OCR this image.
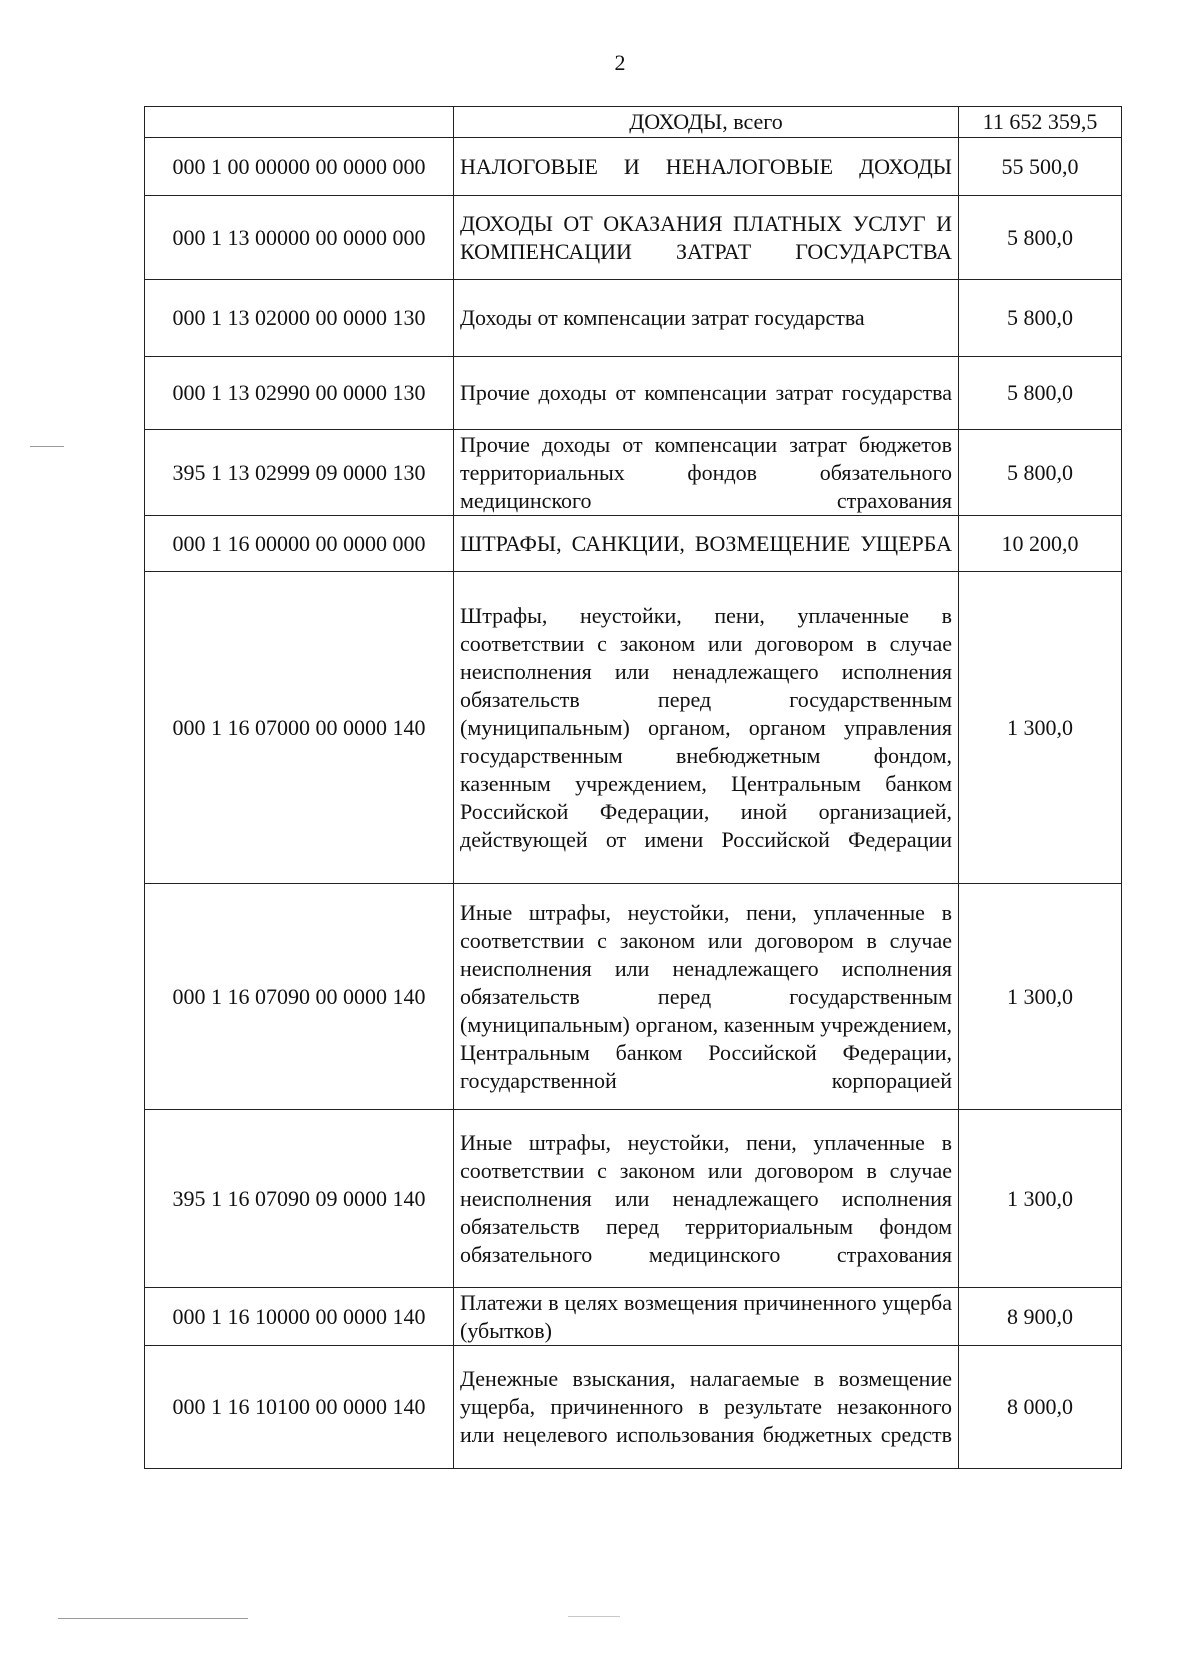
2
	ДОХОДЫ, всего	11 652 359,5
000 1 00 00000 00 0000 000	НАЛОГОВЫЕ И НЕНАЛОГОВЫЕ ДОХОДЫ	55 500,0
000 1 13 00000 00 0000 000	ДОХОДЫ ОТ ОКАЗАНИЯ ПЛАТНЫХ УСЛУГ И КОМПЕНСАЦИИ ЗАТРАТ ГОСУДАРСТВА	5 800,0
000 1 13 02000 00 0000 130	Доходы от компенсации затрат государства	5 800,0
000 1 13 02990 00 0000 130	Прочие доходы от компенсации затрат государства	5 800,0
395 1 13 02999 09 0000 130	Прочие доходы от компенсации затрат бюджетов территориальных фондов обязательного медицинского страхования	5 800,0
000 1 16 00000 00 0000 000	ШТРАФЫ, САНКЦИИ, ВОЗМЕЩЕНИЕ УЩЕРБА	10 200,0
000 1 16 07000 00 0000 140	Штрафы, неустойки, пени, уплаченные в соответствии с законом или договором в случае неисполнения или ненадлежащего исполнения обязательств перед государственным (муниципальным) органом, органом управления государственным внебюджетным фондом, казенным учреждением, Центральным банком Российской Федерации, иной организацией, действующей от имени Российской Федерации	1 300,0
000 1 16 07090 00 0000 140	Иные штрафы, неустойки, пени, уплаченные в соответствии с законом или договором в случае неисполнения или ненадлежащего исполнения обязательств перед государственным (муниципальным) органом, казенным учреждением, Центральным банком Российской Федерации, государственной корпорацией	1 300,0
395 1 16 07090 09 0000 140	Иные штрафы, неустойки, пени, уплаченные в соответствии с законом или договором в случае неисполнения или ненадлежащего исполнения обязательств перед территориальным фондом обязательного медицинского страхования	1 300,0
000 1 16 10000 00 0000 140	Платежи в целях возмещения причиненного ущерба (убытков)	8 900,0
000 1 16 10100 00 0000 140	Денежные взыскания, налагаемые в возмещение ущерба, причиненного в результате незаконного или нецелевого использования бюджетных средств	8 000,0
